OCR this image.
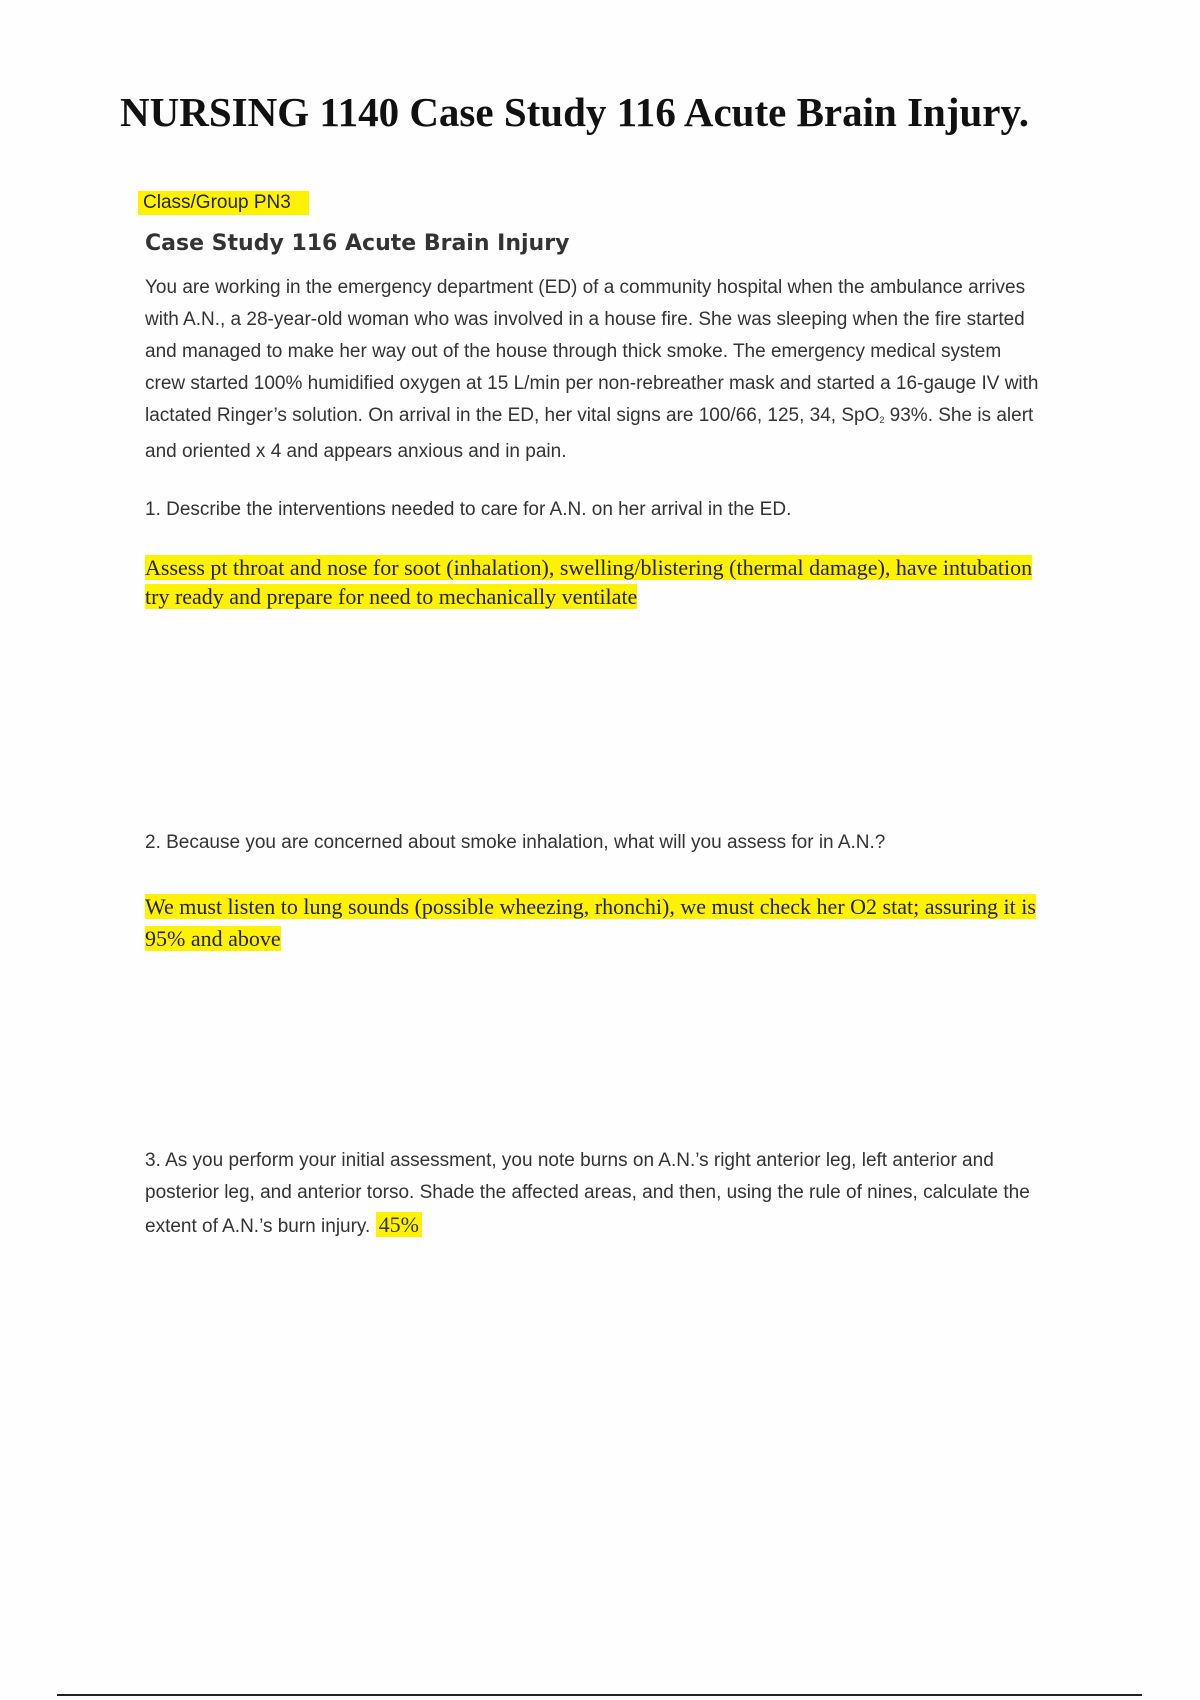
NURSING 1140 Case Study 116 Acute Brain Injury.
Class/Group PN3
Case Study 116 Acute Brain Injury

You are working in the emergency department (ED) of a community hospital when the ambulance arrives with A.N., a 28-year-old woman who was involved in a house fire. She was sleeping when the fire started and managed to make her way out of the house through thick smoke. The emergency medical system crew started 100% humidified oxygen at 15 L/min per non-rebreather mask and started a 16-gauge IV with lactated Ringer’s solution. On arrival in the ED, her vital signs are 100/66, 125, 34, SpO$_2$ 93%. She is alert and oriented x 4 and appears anxious and in pain.

1. Describe the interventions needed to care for A.N. on her arrival in the ED.

Assess pt throat and nose for soot (inhalation), swelling/blistering (thermal damage), have intubation try ready and prepare for need to mechanically ventilate

2. Because you are concerned about smoke inhalation, what will you assess for in A.N.?

We must listen to lung sounds (possible wheezing, rhonchi), we must check her O2 stat; assuring it is 95% and above

3. As you perform your initial assessment, you note burns on A.N.’s right anterior leg, left anterior and posterior leg, and anterior torso. Shade the affected areas, and then, using the rule of nines, calculate the extent of A.N.’s burn injury. 45%
